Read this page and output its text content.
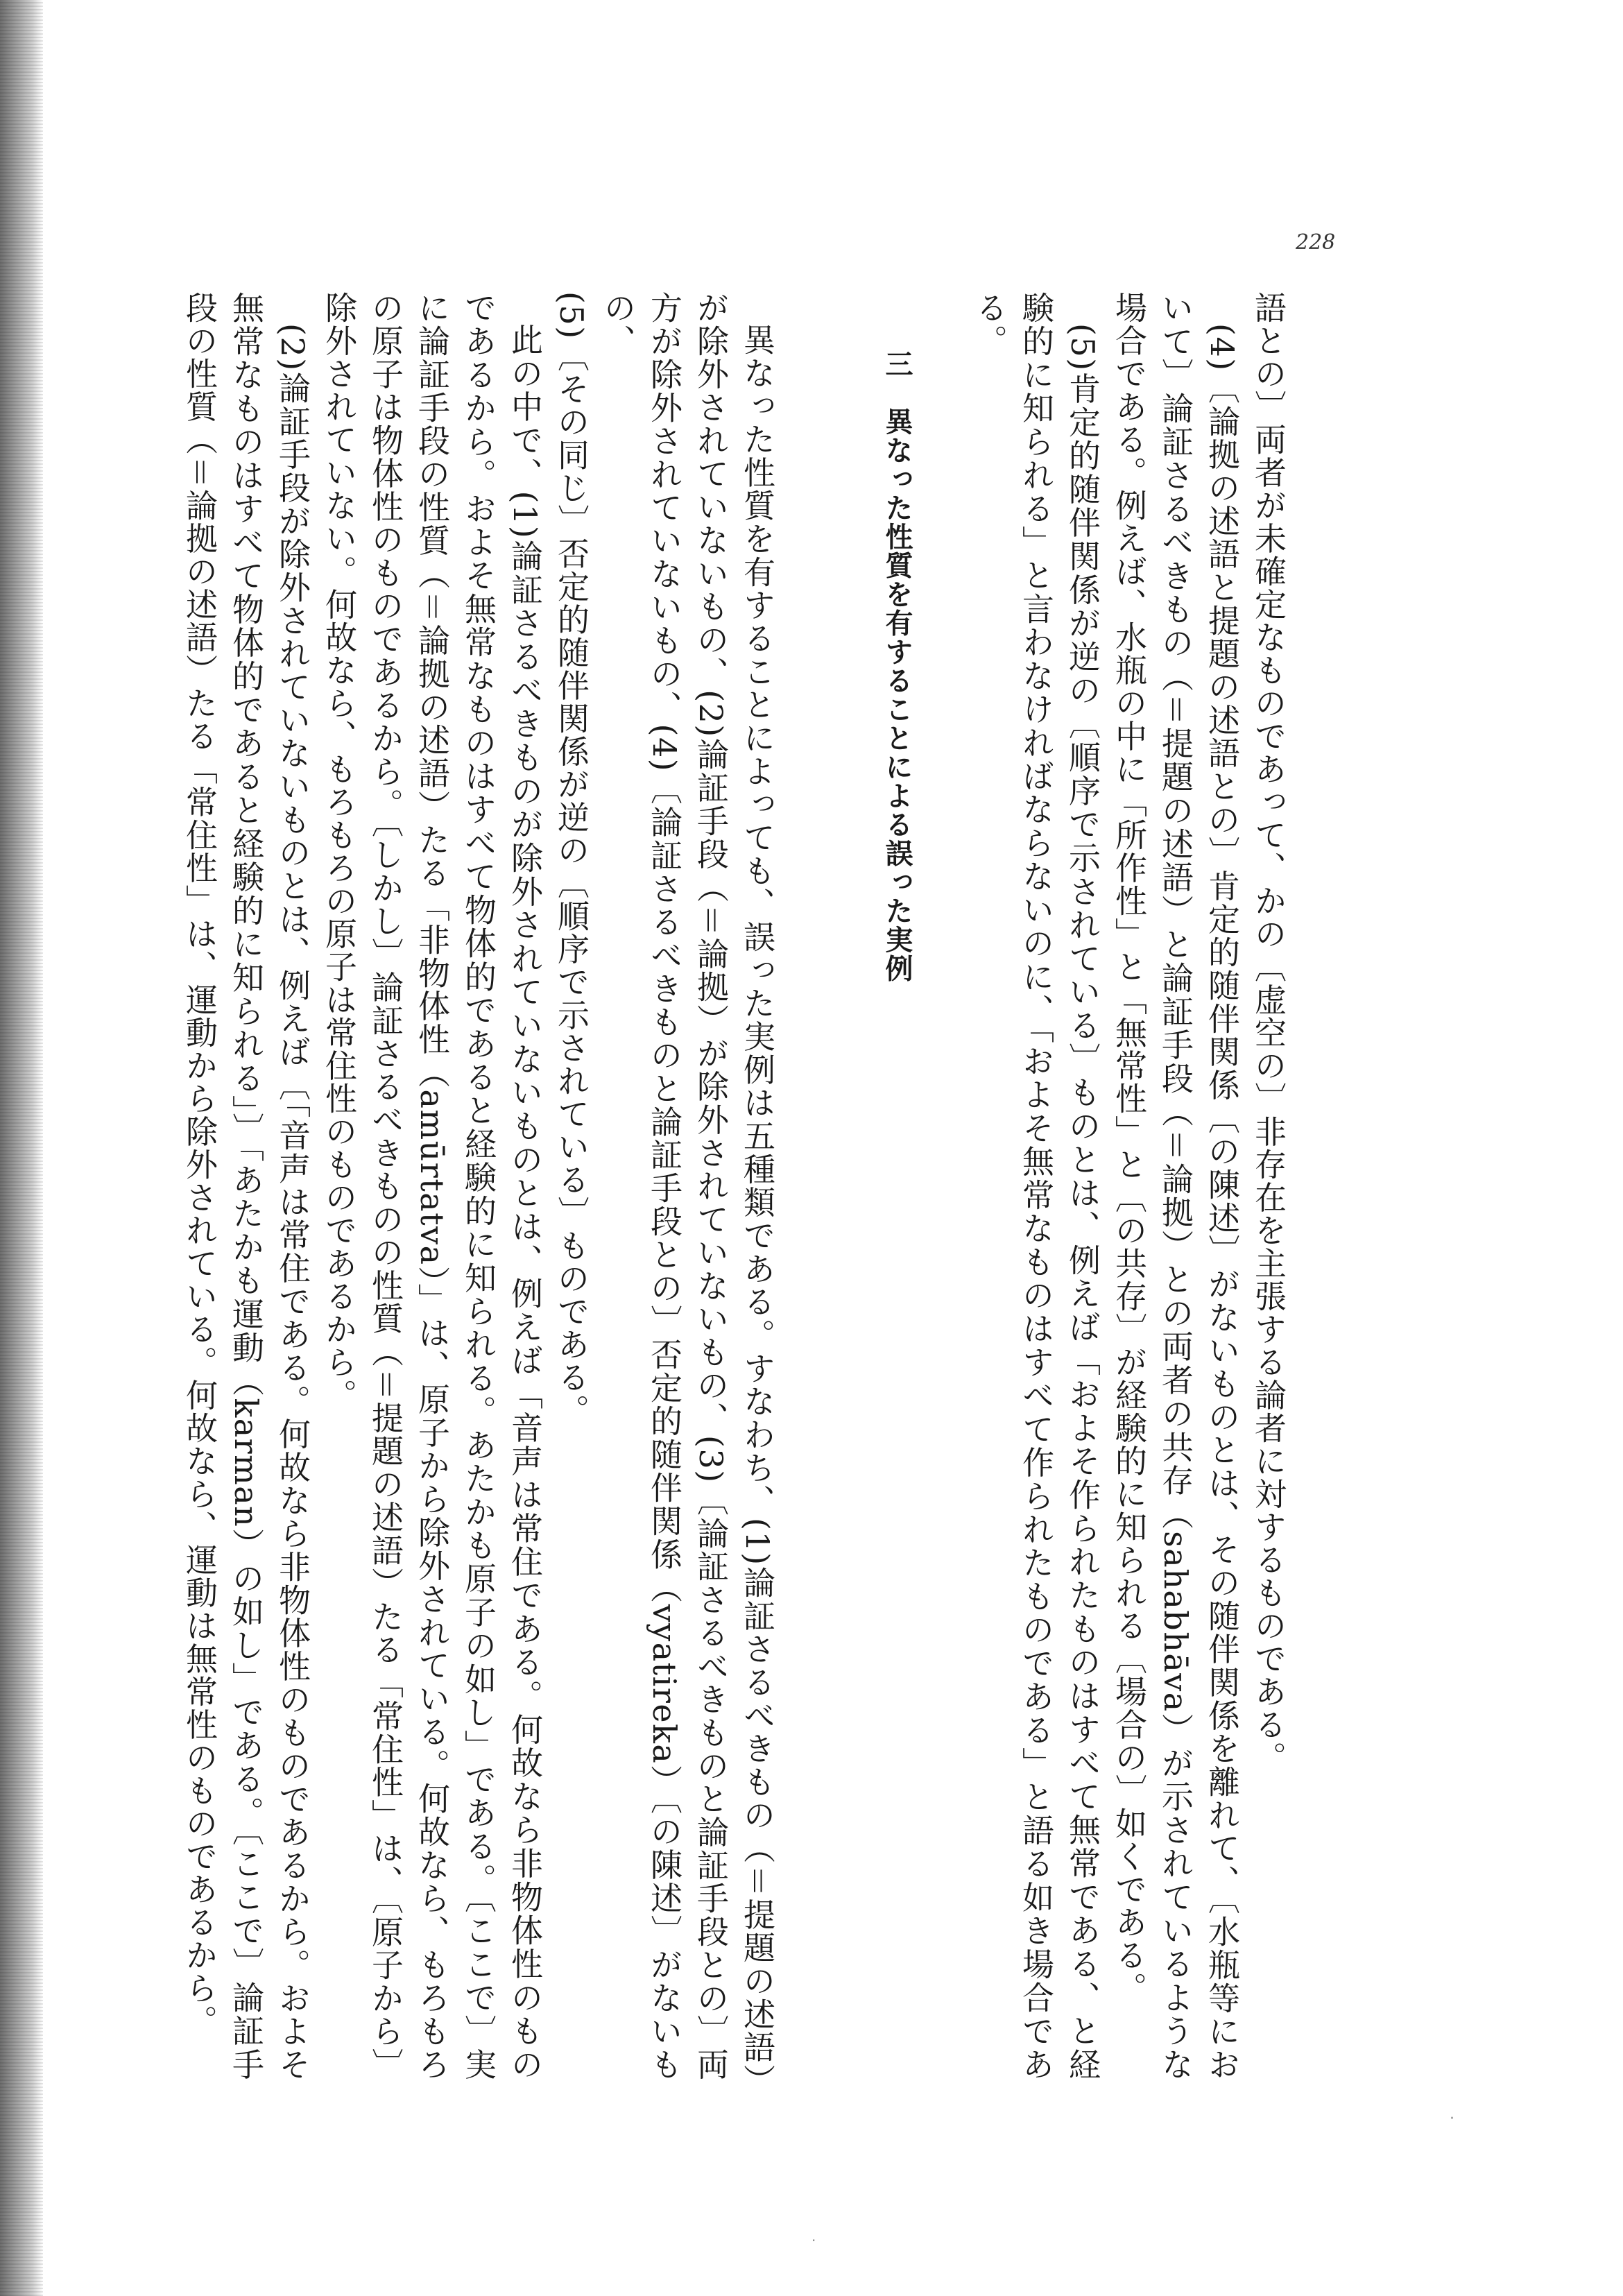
228

語との〕両者が未確定なものであって、かの〔虚空の〕非存在を主張する論者に対するものである。

(4)〔論拠の述語と提題の述語との〕肯定的随伴関係〔の陳述〕がないものとは、その随伴関係を離れて、〔水瓶等において〕論証さるべきもの（＝提題の述語）と論証手段（＝論拠）との両者の共存（sahabhāva）が示されているような場合である。例えば、水瓶の中に「所作性」と「無常性」と〔の共存〕が経験的に知られる〔場合の〕如くである。

(5)肯定的随伴関係が逆の〔順序で示されている〕ものとは、例えば「およそ作られたものはすべて無常である、と経験的に知られる」と言わなければならないのに、「およそ無常なものはすべて作られたものである」と語る如き場合である。

三　異なった性質を有することによる誤った実例

異なった性質を有することによっても、誤った実例は五種類である。すなわち、(1)論証さるべきもの（＝提題の述語）が除外されていないもの、(2)論証手段（＝論拠）が除外されていないもの、(3)〔論証さるべきものと論証手段との〕両方が除外されていないもの、(4)〔論証さるべきものと論証手段との〕否定的随伴関係（vyatireka）〔の陳述〕がないもの、

(5)〔その同じ〕否定的随伴関係が逆の〔順序で示されている〕ものである。

此の中で、(1)論証さるべきものが除外されていないものとは、例えば「音声は常住である。何故なら非物体性のものであるから。およそ無常なものはすべて物体的であると経験的に知られる。あたかも原子の如し」である。〔ここで〕実に論証手段の性質（＝論拠の述語）たる「非物体性（amūrtatva）」は、原子から除外されている。何故なら、もろもろの原子は物体性のものであるから。〔しかし〕論証さるべきものの性質（＝提題の述語）たる「常住性」は、〔原子から〕除外されていない。何故なら、もろもろの原子は常住性のものであるから。

(2)論証手段が除外されていないものとは、例えば〔「音声は常住である。何故なら非物体性のものであるから。およそ無常なものはすべて物体的であると経験的に知られる」〕「あたかも運動（karman）の如し」である。〔ここで〕論証手段の性質（＝論拠の述語）たる「常住性」は、運動から除外されている。何故なら、運動は無常性のものであるから。

·
·
